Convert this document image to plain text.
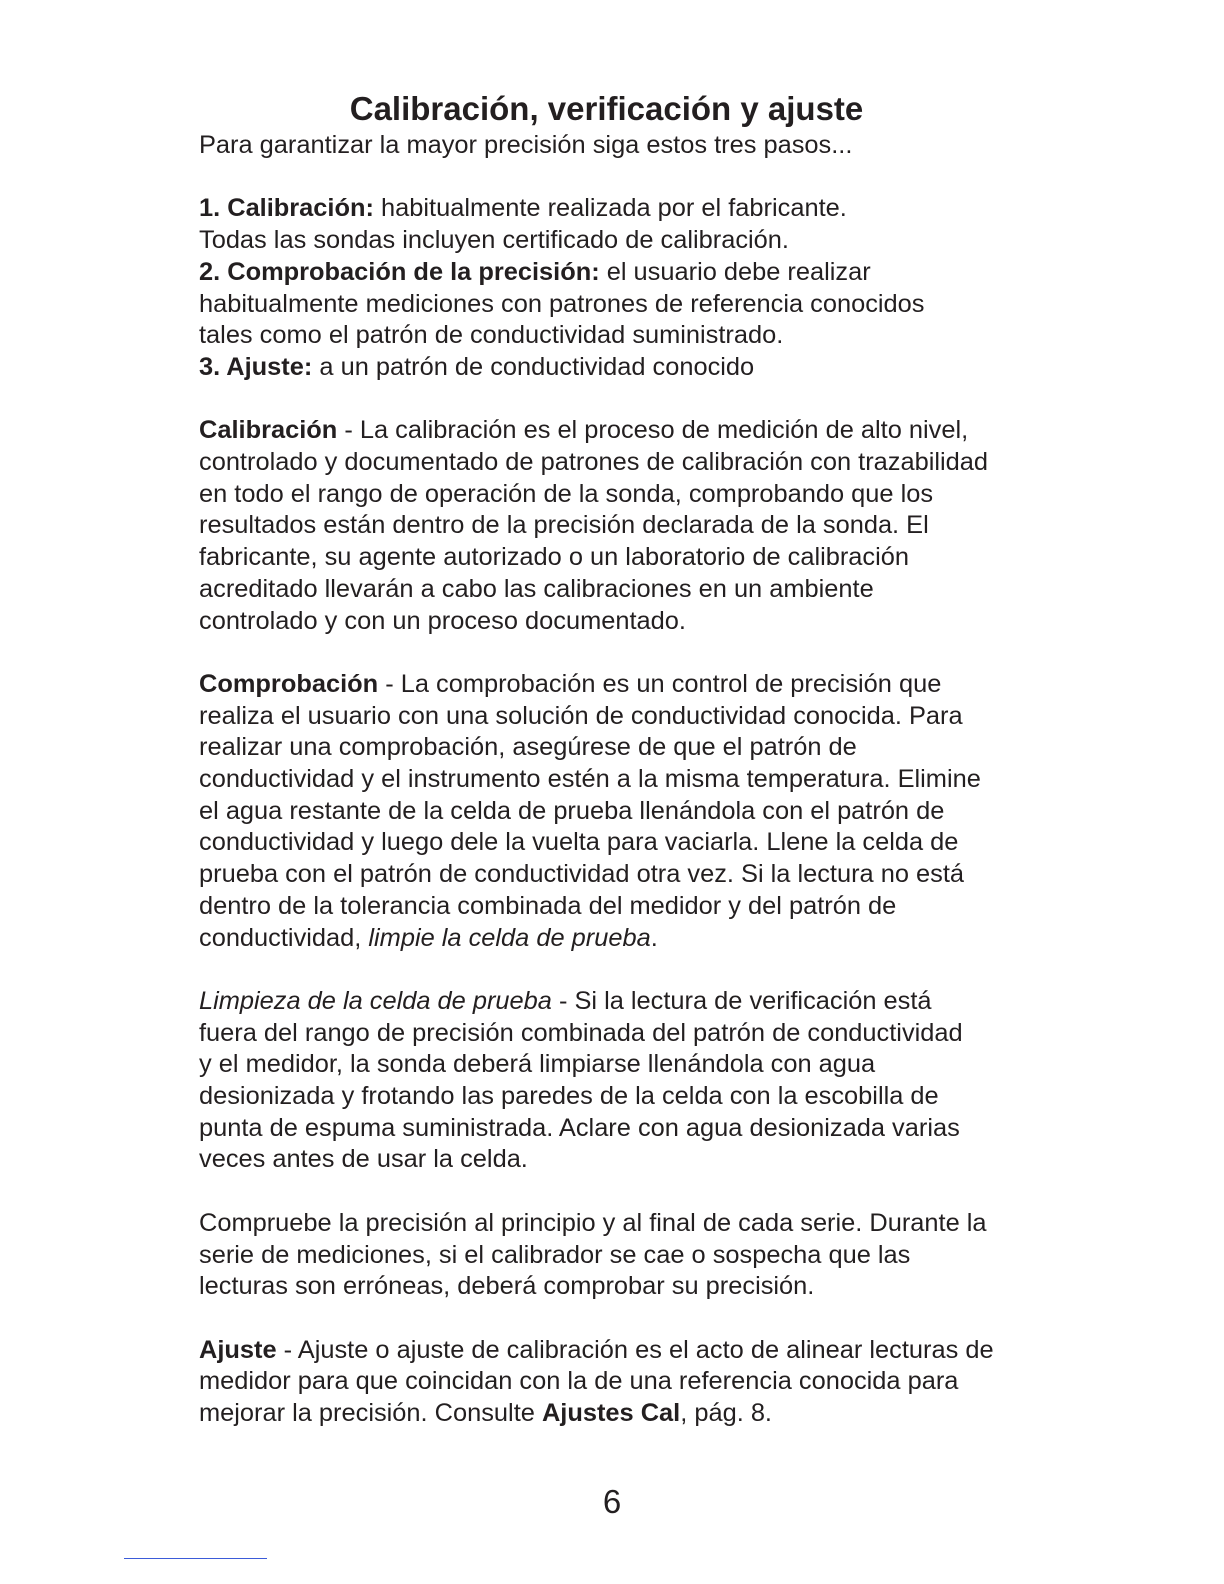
Calibración, verificación y ajuste
Para garantizar la mayor precisión siga estos tres pasos...
1. Calibración: habitualmente realizada por el fabricante.
Todas las sondas incluyen certificado de calibración.
2. Comprobación de la precisión: el usuario debe realizar
habitualmente mediciones con patrones de referencia conocidos
tales como el patrón de conductividad suministrado.
3. Ajuste: a un patrón de conductividad conocido
Calibración - La calibración es el proceso de medición de alto nivel,
controlado y documentado de patrones de calibración con trazabilidad
en todo el rango de operación de la sonda, comprobando que los
resultados están dentro de la precisión declarada de la sonda. El
fabricante, su agente autorizado o un laboratorio de calibración
acreditado llevarán a cabo las calibraciones en un ambiente
controlado y con un proceso documentado.
Comprobación - La comprobación es un control de precisión que
realiza el usuario con una solución de conductividad conocida. Para
realizar una comprobación, asegúrese de que el patrón de
conductividad y el instrumento estén a la misma temperatura. Elimine
el agua restante de la celda de prueba llenándola con el patrón de
conductividad y luego dele la vuelta para vaciarla. Llene la celda de
prueba con el patrón de conductividad otra vez. Si la lectura no está
dentro de la tolerancia combinada del medidor y del patrón de
conductividad, limpie la celda de prueba.
Limpieza de la celda de prueba - Si la lectura de verificación está
fuera del rango de precisión combinada del patrón de conductividad
y el medidor, la sonda deberá limpiarse llenándola con agua
desionizada y frotando las paredes de la celda con la escobilla de
punta de espuma suministrada. Aclare con agua desionizada varias
veces antes de usar la celda.
Compruebe la precisión al principio y al final de cada serie. Durante la
serie de mediciones, si el calibrador se cae o sospecha que las
lecturas son erróneas, deberá comprobar su precisión.
Ajuste - Ajuste o ajuste de calibración es el acto de alinear lecturas de
medidor para que coincidan con la de una referencia conocida para
mejorar la precisión. Consulte Ajustes Cal, pág. 8.
6
